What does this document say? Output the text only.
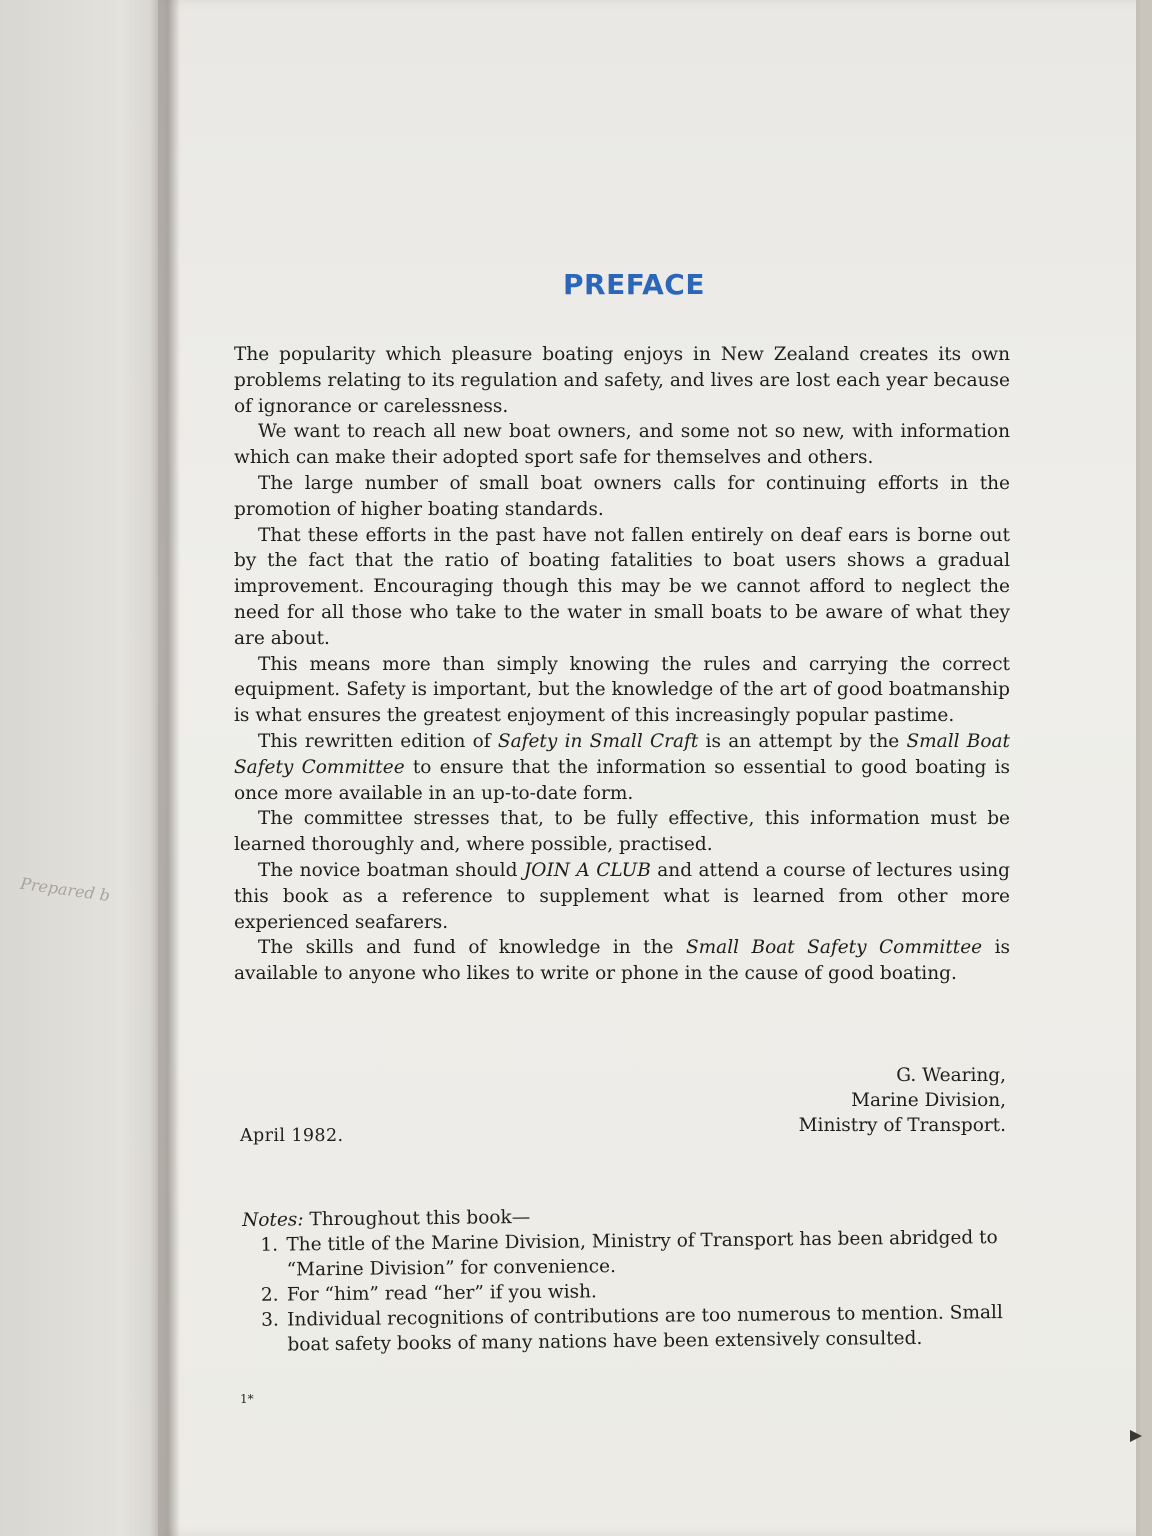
Prepared b
PREFACE

The popularity which pleasure boating enjoys in New Zealand creates its own problems relating to its regulation and safety, and lives are lost each year because of ignorance or carelessness.

We want to reach all new boat owners, and some not so new, with information which can make their adopted sport safe for themselves and others.

The large number of small boat owners calls for continuing efforts in the promotion of higher boating standards.

That these efforts in the past have not fallen entirely on deaf ears is borne out by the fact that the ratio of boating fatalities to boat users shows a gradual improvement. Encouraging though this may be we cannot afford to neglect the need for all those who take to the water in small boats to be aware of what they are about.

This means more than simply knowing the rules and carrying the correct equipment. Safety is important, but the knowledge of the art of good boatmanship is what ensures the greatest enjoyment of this increasingly popular pastime.

This rewritten edition of Safety in Small Craft is an attempt by the Small Boat Safety Committee to ensure that the information so essential to good boating is once more available in an up-to-date form.

The committee stresses that, to be fully effective, this information must be learned thoroughly and, where possible, practised.

The novice boatman should JOIN A CLUB and attend a course of lectures using this book as a reference to supplement what is learned from other more experienced seafarers.

The skills and fund of knowledge in the Small Boat Safety Committee is available to anyone who likes to write or phone in the cause of good boating.

G. Wearing,
Marine Division,
Ministry of Transport.
April 1982.
Notes: Throughout this book—
1. The title of the Marine Division, Ministry of Transport has been abridged to “Marine Division” for convenience.
2. For “him” read “her” if you wish.
3. Individual recognitions of contributions are too numerous to mention. Small boat safety books of many nations have been extensively consulted.
1*
